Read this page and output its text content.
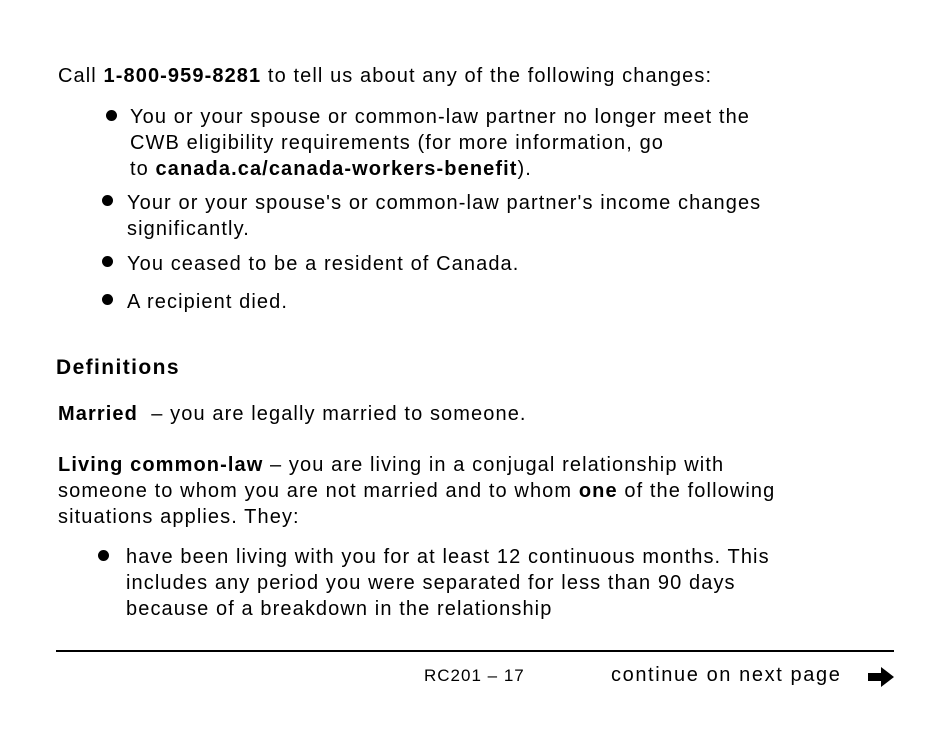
Call 1-800-959-8281 to tell us about any of the following changes:
You or your spouse or common-law partner no longer meet the
CWB eligibility requirements (for more information, go
to canada.ca/canada-workers-benefit).
Your or your spouse's or common-law partner's income changes
significantly.
You ceased to be a resident of Canada.
A recipient died.
Definitions
Married  – you are legally married to someone.
Living common-law – you are living in a conjugal relationship with
someone to whom you are not married and to whom one of the following
situations applies. They:
have been living with you for at least 12 continuous months. This
includes any period you were separated for less than 90 days
because of a breakdown in the relationship
RC201 – 17	continue on next page
